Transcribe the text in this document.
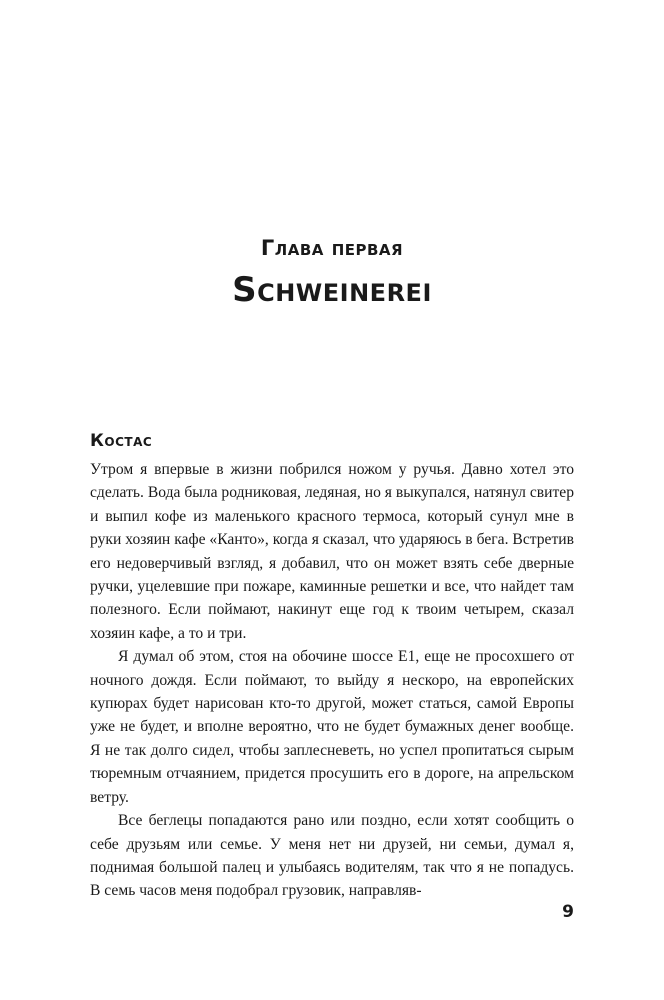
Глава первая
Schweinerei
Костас

Утром я впервые в жизни побрился ножом у ручья. Давно хотел это сделать. Вода была родниковая, ледяная, но я выкупался, натянул свитер и выпил кофе из маленького красного термоса, который сунул мне в руки хозяин кафе «Канто», когда я сказал, что ударяюсь в бега. Встретив его недоверчивый взгляд, я добавил, что он может взять себе дверные ручки, уцелевшие при пожаре, каминные решетки и все, что найдет там полезного. Если поймают, накинут еще год к твоим четырем, сказал хозяин кафе, а то и три.

Я думал об этом, стоя на обочине шоссе E1, еще не просохшего от ночного дождя. Если поймают, то выйду я нескоро, на европейских купюрах будет нарисован кто-то другой, может статься, самой Европы уже не будет, и вполне вероятно, что не будет бумажных денег вообще. Я не так долго сидел, чтобы заплесневеть, но успел пропитаться сырым тюремным отчаянием, придется просушить его в дороге, на апрельском ветру.

Все беглецы попадаются рано или поздно, если хотят сообщить о себе друзьям или семье. У меня нет ни друзей, ни семьи, думал я, поднимая большой палец и улыбаясь водителям, так что я не попадусь. В семь часов меня подобрал грузовик, направляв-

9
